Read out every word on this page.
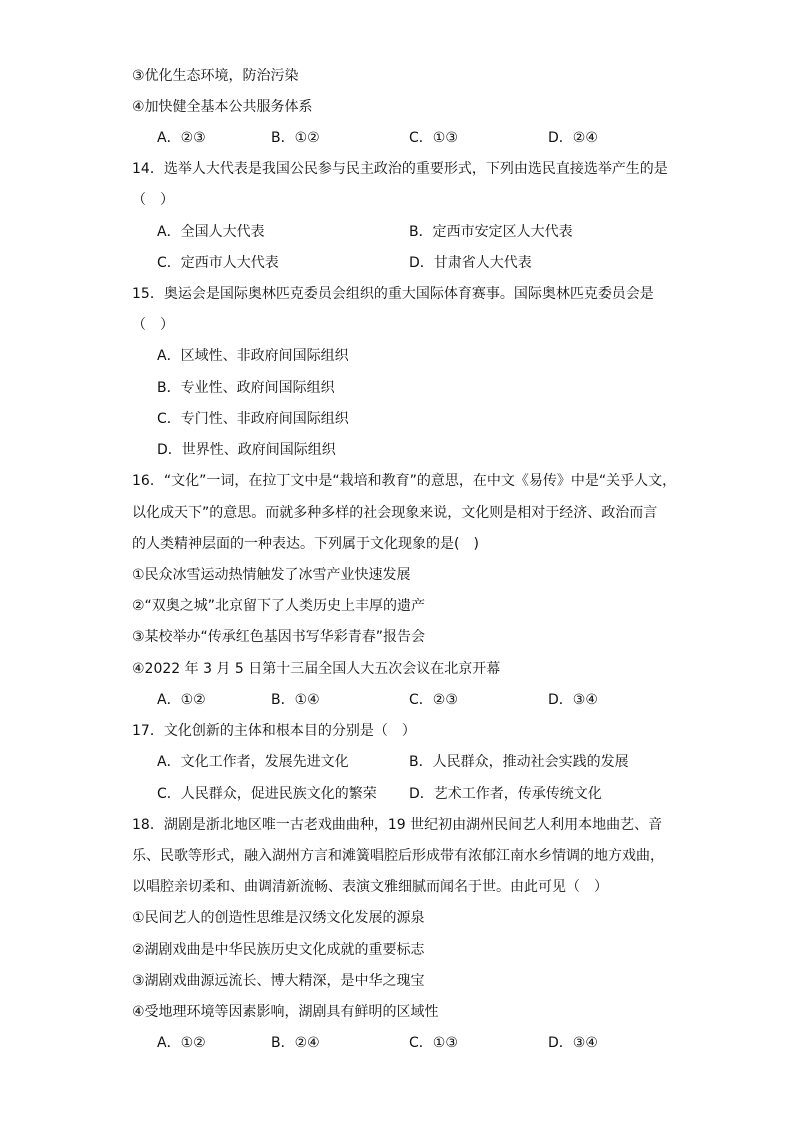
③优化生态环境，防治污染
④加快健全基本公共服务体系
A．②③	B．①②	C．①③	D．②④
14．选举人大代表是我国公民参与民主政治的重要形式，下列由选民直接选举产生的是
（　）
A．全国人大代表	B．定西市安定区人大代表
C．定西市人大代表	D．甘肃省人大代表
15．奥运会是国际奥林匹克委员会组织的重大国际体育赛事。国际奥林匹克委员会是
（　）
A．区域性、非政府间国际组织
B．专业性、政府间国际组织
C．专门性、非政府间国际组织
D．世界性、政府间国际组织
16．“文化”一词，在拉丁文中是“栽培和教育”的意思，在中文《易传》中是“关乎人文，
以化成天下”的意思。而就多种多样的社会现象来说，文化则是相对于经济、政治而言
的人类精神层面的一种表达。下列属于文化现象的是(　)
①民众冰雪运动热情触发了冰雪产业快速发展
②“双奥之城”北京留下了人类历史上丰厚的遗产
③某校举办“传承红色基因书写华彩青春”报告会
④2022 年 3 月 5 日第十三届全国人大五次会议在北京开幕
A．①②	B．①④	C．②③	D．③④
17．文化创新的主体和根本目的分别是（　）
A．文化工作者，发展先进文化	B．人民群众，推动社会实践的发展
C．人民群众，促进民族文化的繁荣 D．艺术工作者，传承传统文化
18．湖剧是浙北地区唯一古老戏曲曲种，19 世纪初由湖州民间艺人利用本地曲艺、音
乐、民歌等形式，融入湖州方言和滩簧唱腔后形成带有浓郁江南水乡情调的地方戏曲，
以唱腔亲切柔和、曲调清新流畅、表演文雅细腻而闻名于世。由此可见（　）
①民间艺人的创造性思维是汉绣文化发展的源泉
②湖剧戏曲是中华民族历史文化成就的重要标志
③湖剧戏曲源远流长、博大精深，是中华之瑰宝
④受地理环境等因素影响，湖剧具有鲜明的区域性
A．①②	B．②④	C．①③	D．③④
